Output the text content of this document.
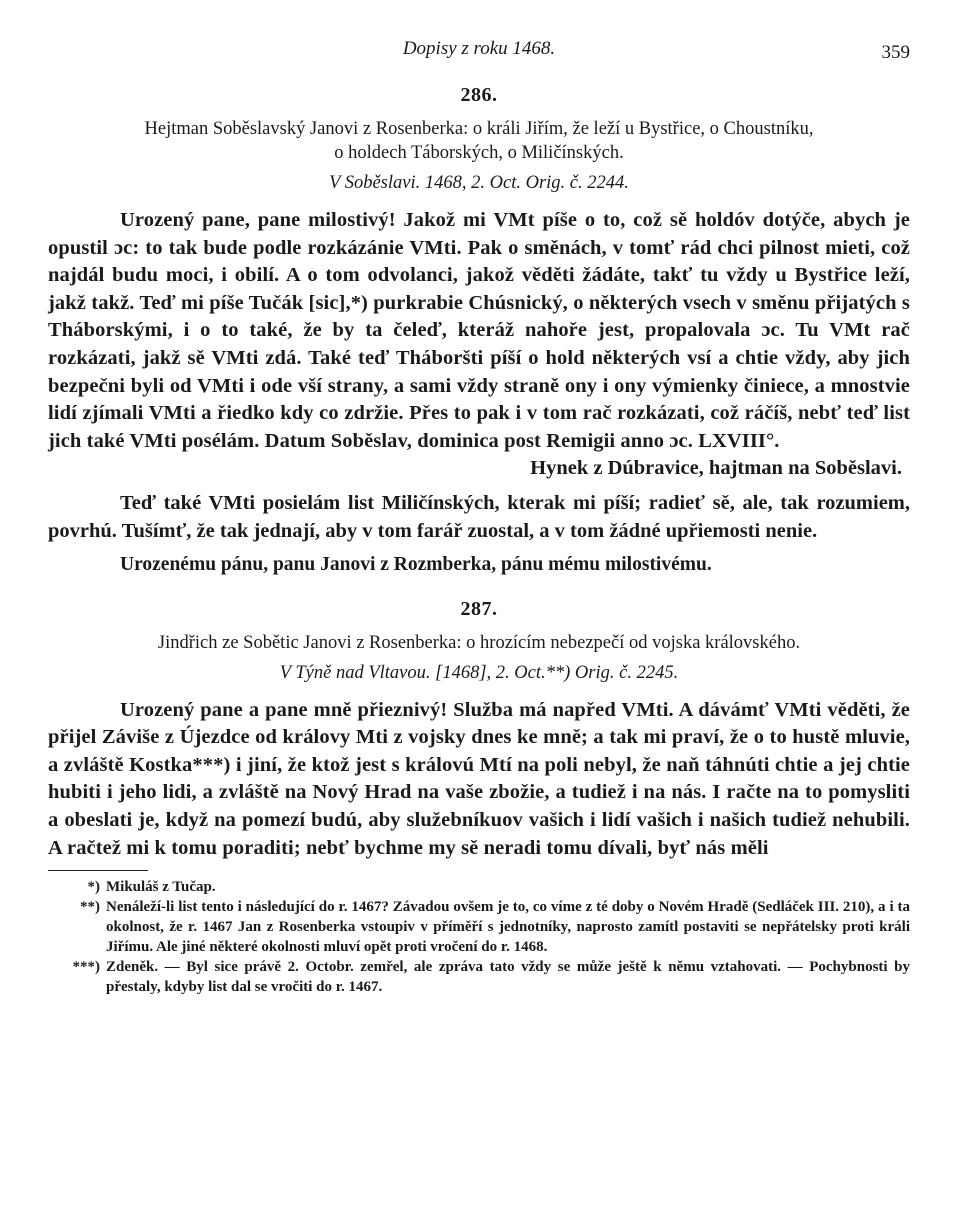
Dopisy z roku 1468.	359
286.
Hejtman Soběslavský Janovi z Rosenberka: o králi Jiřím, že leží u Bystřice, o Choustníku,
o holdech Táborských, o Miličínských.
V Soběslavi. 1468, 2. Oct. Orig. č. 2244.

Urozený pane, pane milostivý! Jakož mi VMt píše o to, což sě holdóv dotýče, abych je opustil ɔc: to tak bude podle rozkázánie VMti. Pak o směnách, v tomť rád chci pilnost mieti, což najdál budu moci, i obilí. A o tom odvolanci, jakož věděti žádáte, takť tu vždy u Bystřice leží, jakž takž. Teď mi píše Tučák [sic],*) purkrabie Chúsnický, o některých vsech v směnu přijatých s Tháborskými, i o to také, že by ta čeleď, kteráž nahoře jest, propalovala ɔc. Tu VMt rač rozkázati, jakž sě VMti zdá. Také teď Tháboršti píší o hold některých vsí a chtie vždy, aby jich bezpečni byli od VMti i ode vší strany, a sami vždy straně ony i ony výmienky činiece, a mnostvie lidí zjímali VMti a řiedko kdy co zdržie. Přes to pak i v tom rač rozkázati, což ráčíš, nebť teď list jich také VMti posélám. Datum Soběslav, dominica post Remigii anno ɔc. LXVIII°.

Hynek z Dúbravice, hajtman na Soběslavi.

Teď také VMti posielám list Miličínských, kterak mi píší; radieť sě, ale, tak rozumiem, povrhú. Tušímť, že tak jednají, aby v tom farář zuostal, a v tom žádné upřiemosti nenie.

Urozenému pánu, panu Janovi z Rozmberka, pánu mému milostivému.

287.
Jindřich ze Sobětic Janovi z Rosenberka: o hrozícím nebezpečí od vojska královského.
V Týně nad Vltavou. [1468], 2. Oct.**) Orig. č. 2245.

Urozený pane a pane mně přieznivý! Služba má napřed VMti. A dávámť VMti věděti, že přijel Záviše z Újezdce od královy Mti z vojsky dnes ke mně; a tak mi praví, že o to hustě mluvie, a zvláště Kostka***) i jiní, že ktož jest s královú Mtí na poli nebyl, že naň táhnúti chtie a jej chtie hubiti i jeho lidi, a zvláště na Nový Hrad na vaše zbožie, a tudiež i na nás. I račte na to pomysliti a obeslati je, když na pomezí budú, aby služebníkuov vašich i lidí vašich i našich tudiež nehubili. A račtež mi k tomu poraditi; nebť bychme my sě neradi tomu dívali, byť nás měli

*) Mikuláš z Tučap.
**) Nenáleží-li list tento i následující do r. 1467? Závadou ovšem je to, co víme z té doby o Novém Hradě (Sedláček III. 210), a i ta okolnost, že r. 1467 Jan z Rosenberka vstoupiv v příměří s jednotníky, naprosto zamítl postaviti se nepřátelsky proti králi Jiřímu. Ale jiné některé okolnosti mluví opět proti vročení do r. 1468.
***) Zdeněk. — Byl sice právě 2. Octobr. zemřel, ale zpráva tato vždy se může ještě k němu vztahovati. — Pochybnosti by přestaly, kdyby list dal se vročiti do r. 1467.
